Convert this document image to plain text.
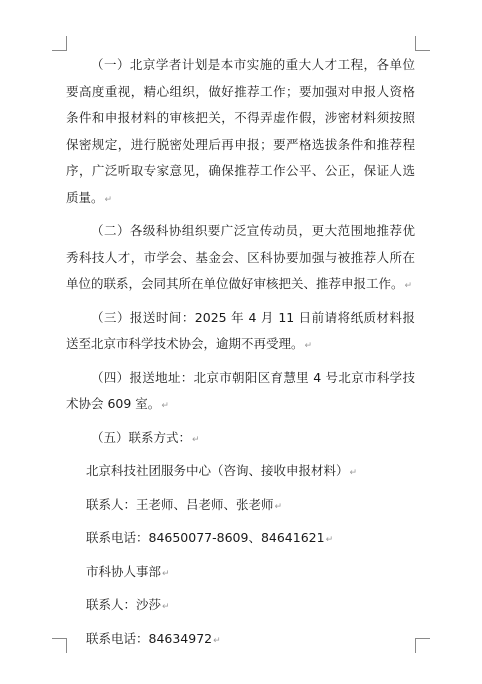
（一）北京学者计划是本市实施的重大人才工程，各单位要高度重视，精心组织，做好推荐工作；要加强对申报人资格条件和申报材料的审核把关，不得弄虚作假，涉密材料须按照保密规定，进行脱密处理后再申报；要严格选拔条件和推荐程序，广泛听取专家意见，确保推荐工作公平、公正，保证人选质量。↵

（二）各级科协组织要广泛宣传动员，更大范围地推荐优秀科技人才，市学会、基金会、区科协要加强与被推荐人所在单位的联系，会同其所在单位做好审核把关、推荐申报工作。↵

（三）报送时间：2025 年 4 月 11 日前请将纸质材料报送至北京市科学技术协会，逾期不再受理。↵

（四）报送地址：北京市朝阳区育慧里 4 号北京市科学技术协会 609 室。↵

（五）联系方式：↵

北京科技社团服务中心（咨询、接收申报材料）↵

联系人：王老师、吕老师、张老师↵

联系电话：84650077-8609、84641621↵

市科协人事部↵

联系人：沙莎↵

联系电话：84634972↵
